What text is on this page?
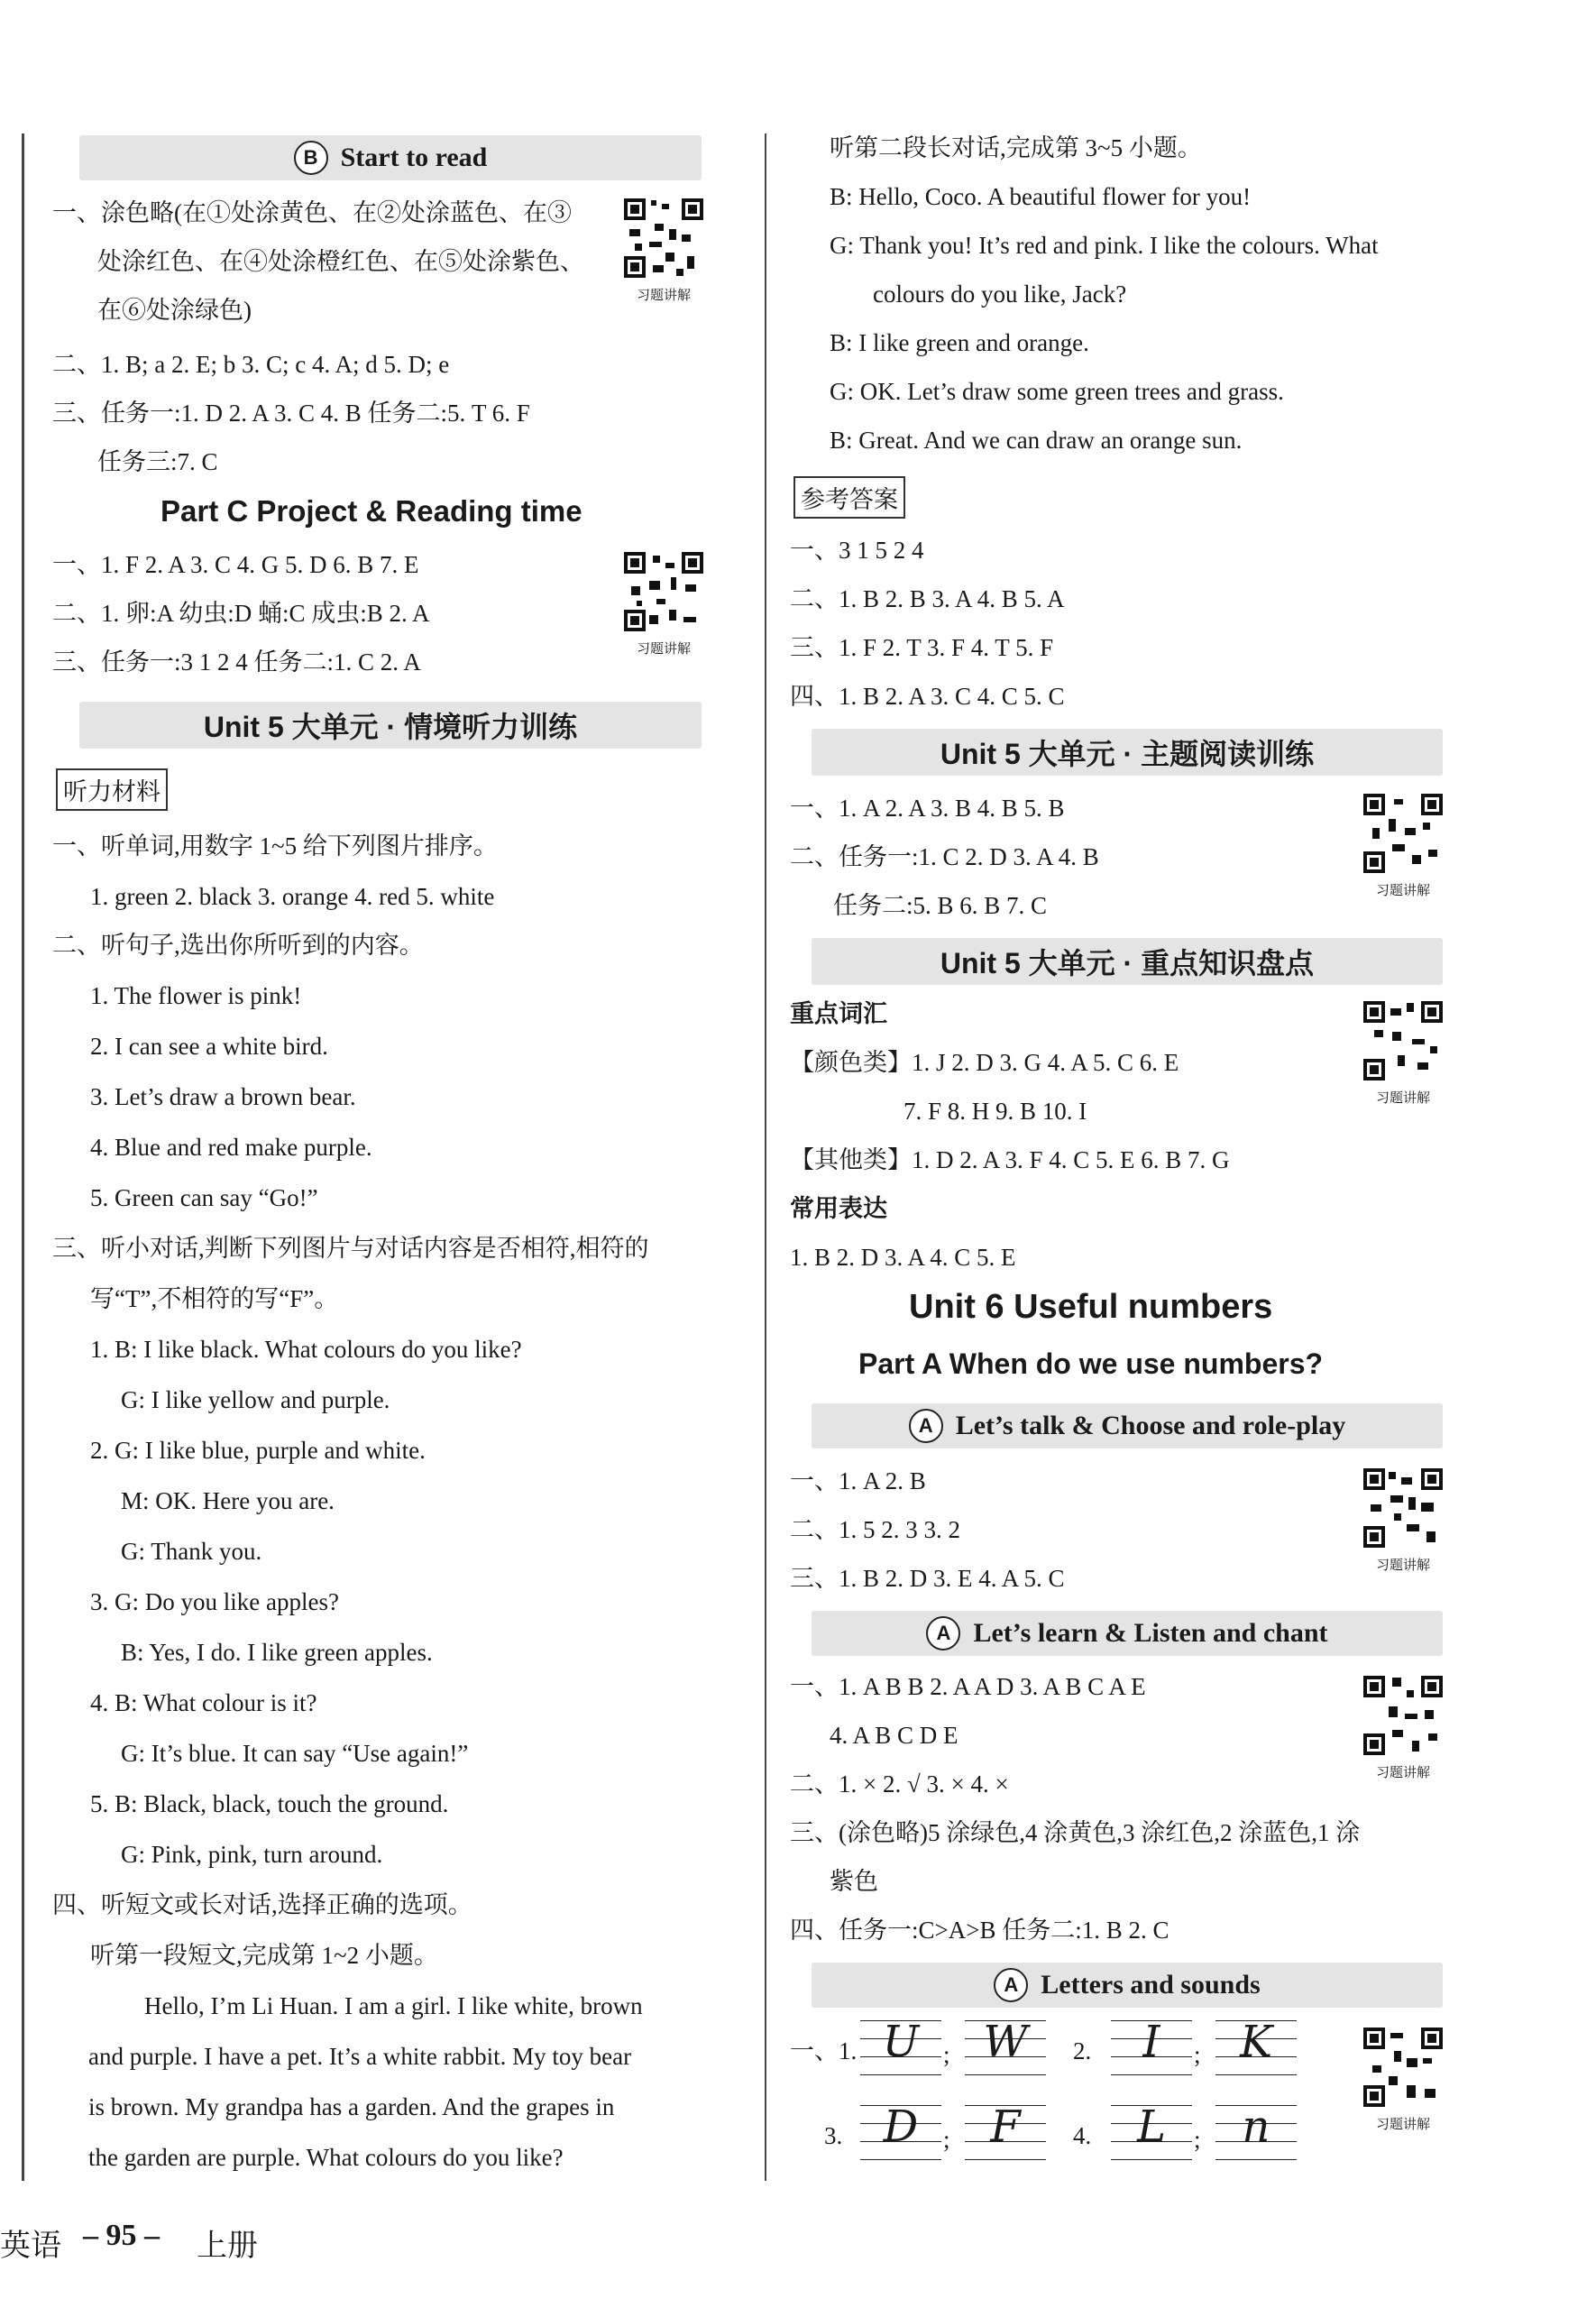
B Start to read
一、涂色略(在①处涂黄色、在②处涂蓝色、在③
处涂红色、在④处涂橙红色、在⑤处涂紫色、
在⑥处涂绿色)
二、1. B; a 2. E; b 3. C; c 4. A; d 5. D; e
三、任务一:1. D 2. A 3. C 4. B 任务二:5. T 6. F
任务三:7. C
习题讲解
Part C Project & Reading time
一、1. F 2. A 3. C 4. G 5. D 6. B 7. E
二、1. 卵:A 幼虫:D 蛹:C 成虫:B 2. A
三、任务一:3 1 2 4 任务二:1. C 2. A	习题讲解
Unit 5 大单元 · 情境听力训练
听力材料
一、听单词,用数字 1~5 给下列图片排序。
1. green 2. black 3. orange 4. red 5. white
二、听句子,选出你所听到的内容。
1. The flower is pink!
2. I can see a white bird.
3. Let’s draw a brown bear.
4. Blue and red make purple.
5. Green can say “Go!”
三、听小对话,判断下列图片与对话内容是否相符,相符的
写“T”,不相符的写“F”。
1. B: I like black. What colours do you like?
G: I like yellow and purple.
2. G: I like blue, purple and white.
M: OK. Here you are.
G: Thank you.
3. G: Do you like apples?
B: Yes, I do. I like green apples.
4. B: What colour is it?
G: It’s blue. It can say “Use again!”
5. B: Black, black, touch the ground.
G: Pink, pink, turn around.
四、听短文或长对话,选择正确的选项。
听第一段短文,完成第 1~2 小题。
Hello, I’m Li Huan. I am a girl. I like white, brown
and purple. I have a pet. It’s a white rabbit. My toy bear
is brown. My grandpa has a garden. And the grapes in
the garden are purple. What colours do you like?
听第二段长对话,完成第 3~5 小题。
B: Hello, Coco. A beautiful flower for you!
G: Thank you! It’s red and pink. I like the colours. What
colours do you like, Jack?
B: I like green and orange.
G: OK. Let’s draw some green trees and grass.
B: Great. And we can draw an orange sun.
参考答案
一、3 1 5 2 4
二、1. B 2. B 3. A 4. B 5. A
三、1. F 2. T 3. F 4. T 5. F
四、1. B 2. A 3. C 4. C 5. C
Unit 5 大单元 · 主题阅读训练
一、1. A 2. A 3. B 4. B 5. B
二、任务一:1. C 2. D 3. A 4. B
任务二:5. B 6. B 7. C
习题讲解
Unit 5 大单元 · 重点知识盘点
重点词汇
【颜色类】1. J 2. D 3. G 4. A 5. C 6. E
7. F 8. H 9. B 10. I
【其他类】1. D 2. A 3. F 4. C 5. E 6. B 7. G
常用表达
1. B 2. D 3. A 4. C 5. E
习题讲解
Unit 6 Useful numbers
Part A When do we use numbers?
A Let’s talk & Choose and role-play
一、1. A 2. B
二、1. 5 2. 3 3. 2
三、1. B 2. D 3. E 4. A 5. C	习题讲解
A Let’s learn & Listen and chant
一、1. A B B 2. A A D 3. A B C A E
4. A B C D E
二、1. × 2. √ 3. × 4. ×
三、(涂色略)5 涂绿色,4 涂黄色,3 涂红色,2 涂蓝色,1 涂
紫色
四、任务一:C>A>B 任务二:1. B 2. C
习题讲解
A Letters and sounds
一、1. U ; W	2.	I	; K
3. D	; F	4.	L	; n	习题讲解
英语 – 95 – 上册
